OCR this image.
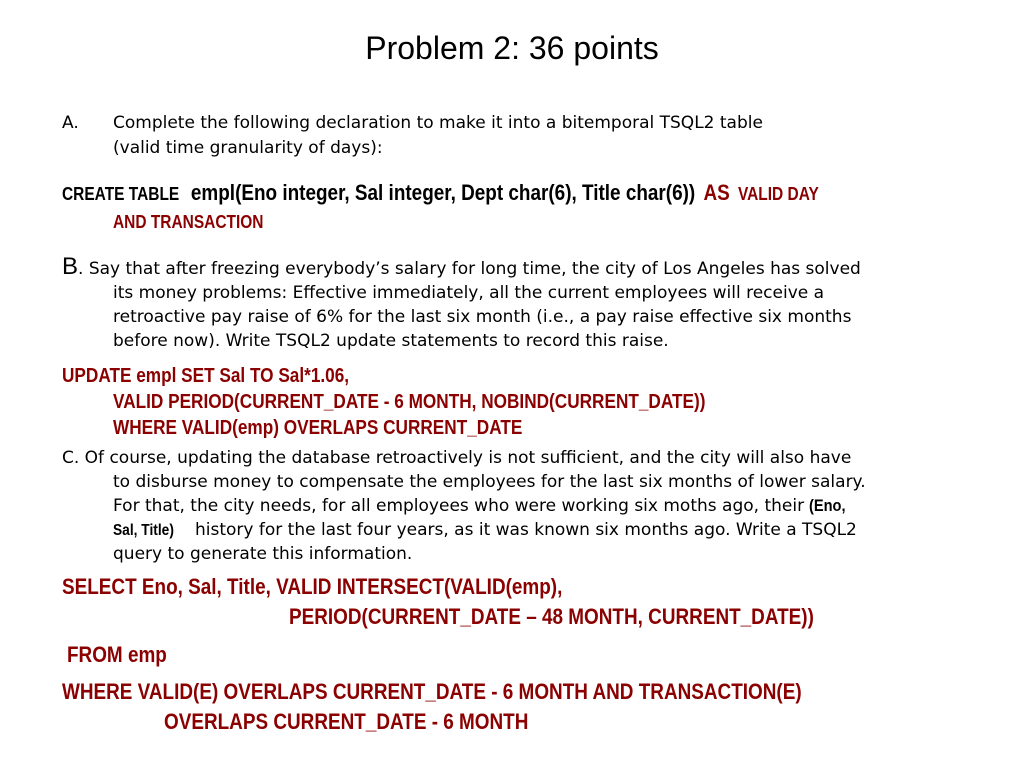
Problem 2: 36 points
A. Complete the following declaration to make it into a bitemporal TSQL2 table
(valid time granularity of days):
CREATE TABLE empl(Eno integer, Sal integer, Dept char(6), Title char(6)) AS VALID DAY
AND TRANSACTION
B. Say that after freezing everybody’s salary for long time, the city of Los Angeles has solved
its money problems: Effective immediately, all the current employees will receive a
retroactive pay raise of 6% for the last six month (i.e., a pay raise effective six months
before now). Write TSQL2 update statements to record this raise.
UPDATE empl SET Sal TO Sal*1.06,
VALID PERIOD(CURRENT_DATE - 6 MONTH, NOBIND(CURRENT_DATE))
WHERE VALID(emp) OVERLAPS CURRENT_DATE
C. Of course, updating the database retroactively is not sufficient, and the city will also have
to disburse money to compensate the employees for the last six months of lower salary.
For that, the city needs, for all employees who were working six moths ago, their (Eno,
Sal, Title) history for the last four years, as it was known six months ago. Write a TSQL2
query to generate this information.
SELECT Eno, Sal, Title, VALID INTERSECT(VALID(emp),
PERIOD(CURRENT_DATE – 48 MONTH, CURRENT_DATE))
FROM emp
WHERE VALID(E) OVERLAPS CURRENT_DATE - 6 MONTH AND TRANSACTION(E)
OVERLAPS CURRENT_DATE - 6 MONTH
